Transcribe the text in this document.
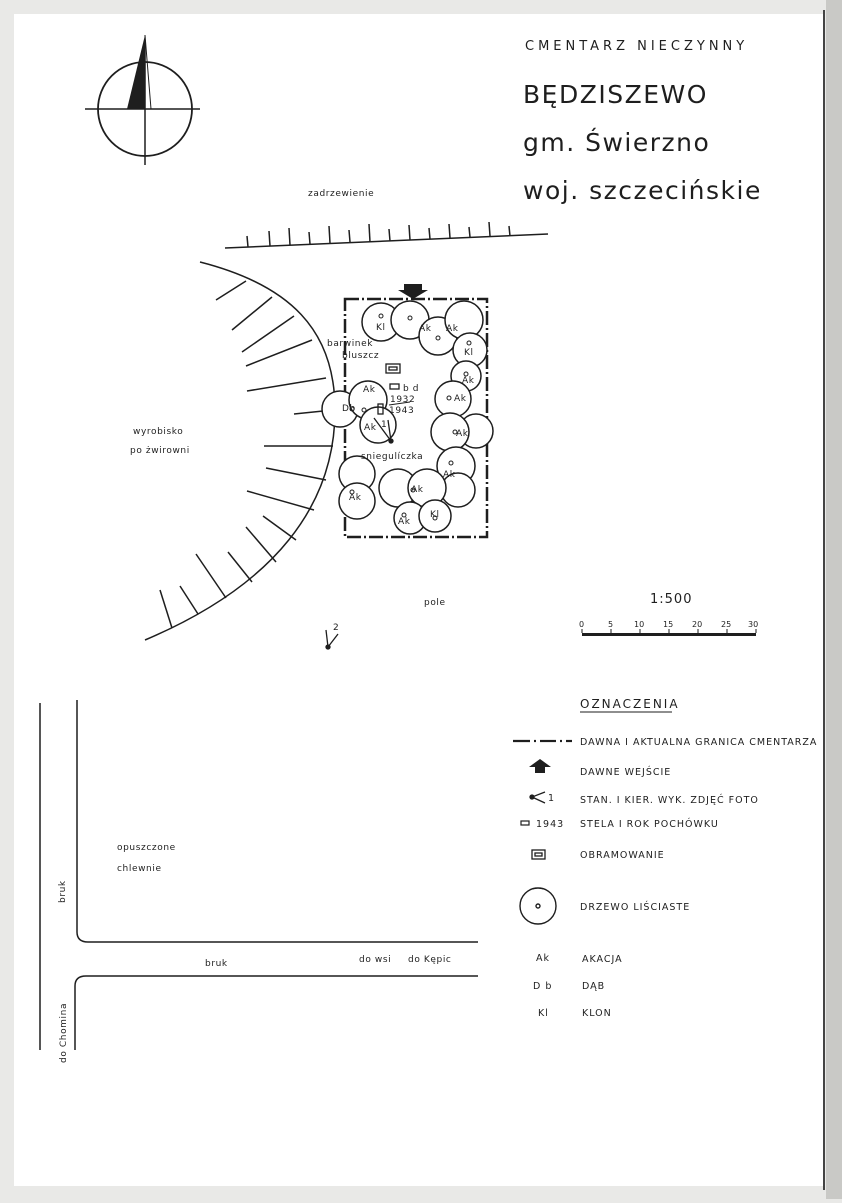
CMENTARZ NIECZYNNY
BĘDZISZEWO
gm. Świerzno
woj. szczecińskie
zadrzewienie
wyrobisko
po żwirowni
Kl	Ak Ak
Kl
Ak
Ak
Ak
Ak
Ak
Ak
Ak
Kl
Ak
Ak
Db
barwinek
bluszcz
sniegulíczka
b d
1932
1943
1
pole
2
1:500
0	5	10 15 20 25 30
bruk
bruk	do wsi do Kępic
do Chomina
opuszczone
chlewnie
OZNACZENIA
DAWNA I AKTUALNA GRANICA CMENTARZA
DAWNE WEJŚCIE
1	STAN. I KIER. WYK. ZDJĘĆ FOTO
1943 STELA I ROK POCHÓWKU
OBRAMOWANIE
DRZEWO LIŚCIASTE
Ak	AKACJA
D b	DĄB
Kl	KLON
